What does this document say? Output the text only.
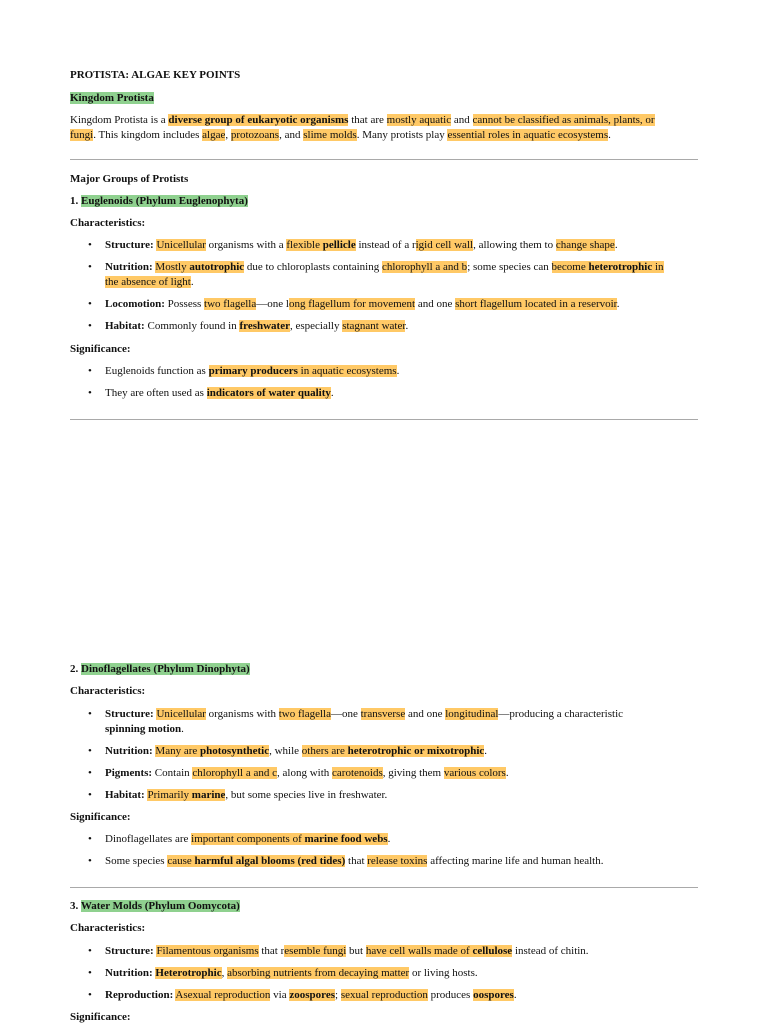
PROTISTA: ALGAE KEY POINTS
Kingdom Protista
Kingdom Protista is a diverse group of eukaryotic organisms that are mostly aquatic and cannot be classified as animals, plants, or
fungi. This kingdom includes algae, protozoans, and slime molds. Many protists play essential roles in aquatic ecosystems.
Major Groups of Protists
1. Euglenoids (Phylum Euglenophyta)
Characteristics:
• Structure: Unicellular organisms with a flexible pellicle instead of a rigid cell wall, allowing them to change shape.
• Nutrition: Mostly autotrophic due to chloroplasts containing chlorophyll a and b; some species can become heterotrophic in
the absence of light.
• Locomotion: Possess two flagella—one long flagellum for movement and one short flagellum located in a reservoir.
• Habitat: Commonly found in freshwater, especially stagnant water.
Significance:
• Euglenoids function as primary producers in aquatic ecosystems.
• They are often used as indicators of water quality.
2. Dinoflagellates (Phylum Dinophyta)
Characteristics:
• Structure: Unicellular organisms with two flagella—one transverse and one longitudinal—producing a characteristic
spinning motion.
• Nutrition: Many are photosynthetic, while others are heterotrophic or mixotrophic.
• Pigments: Contain chlorophyll a and c, along with carotenoids, giving them various colors.
• Habitat: Primarily marine, but some species live in freshwater.
Significance:
• Dinoflagellates are important components of marine food webs.
• Some species cause harmful algal blooms (red tides) that release toxins affecting marine life and human health.
3. Water Molds (Phylum Oomycota)
Characteristics:
• Structure: Filamentous organisms that resemble fungi but have cell walls made of cellulose instead of chitin.
• Nutrition: Heterotrophic, absorbing nutrients from decaying matter or living hosts.
• Reproduction: Asexual reproduction via zoospores; sexual reproduction produces oospores.
Significance:
